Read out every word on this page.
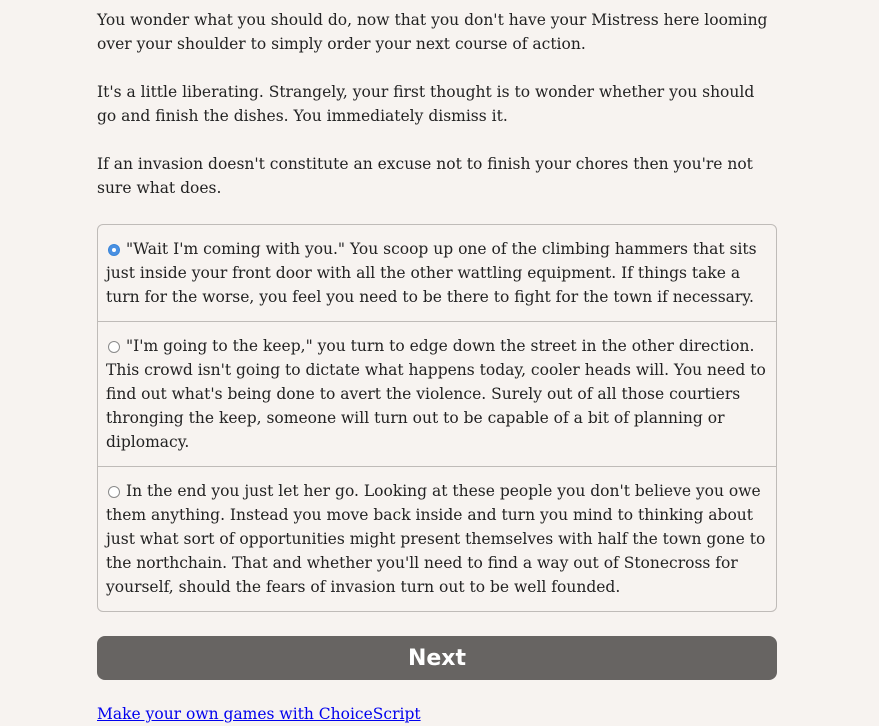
You wonder what you should do, now that you don't have your Mistress here looming over your shoulder to simply order your next course of action.

It's a little liberating. Strangely, your first thought is to wonder whether you should go and finish the dishes. You immediately dismiss it.

If an invasion doesn't constitute an excuse not to finish your chores then you're not sure what does.

"Wait I'm coming with you." You scoop up one of the climbing hammers that sits just inside your front door with all the other wattling equipment. If things take a turn for the worse, you feel you need to be there to fight for the town if necessary.
"I'm going to the keep," you turn to edge down the street in the other direction. This crowd isn't going to dictate what happens today, cooler heads will. You need to find out what's being done to avert the violence. Surely out of all those courtiers thronging the keep, someone will turn out to be capable of a bit of planning or diplomacy.
In the end you just let her go. Looking at these people you don't believe you owe them anything. Instead you move back inside and turn you mind to thinking about just what sort of opportunities might present themselves with half the town gone to the northchain. That and whether you'll need to find a way out of Stonecross for yourself, should the fears of invasion turn out to be well founded.
Next
Make your own games with ChoiceScript
